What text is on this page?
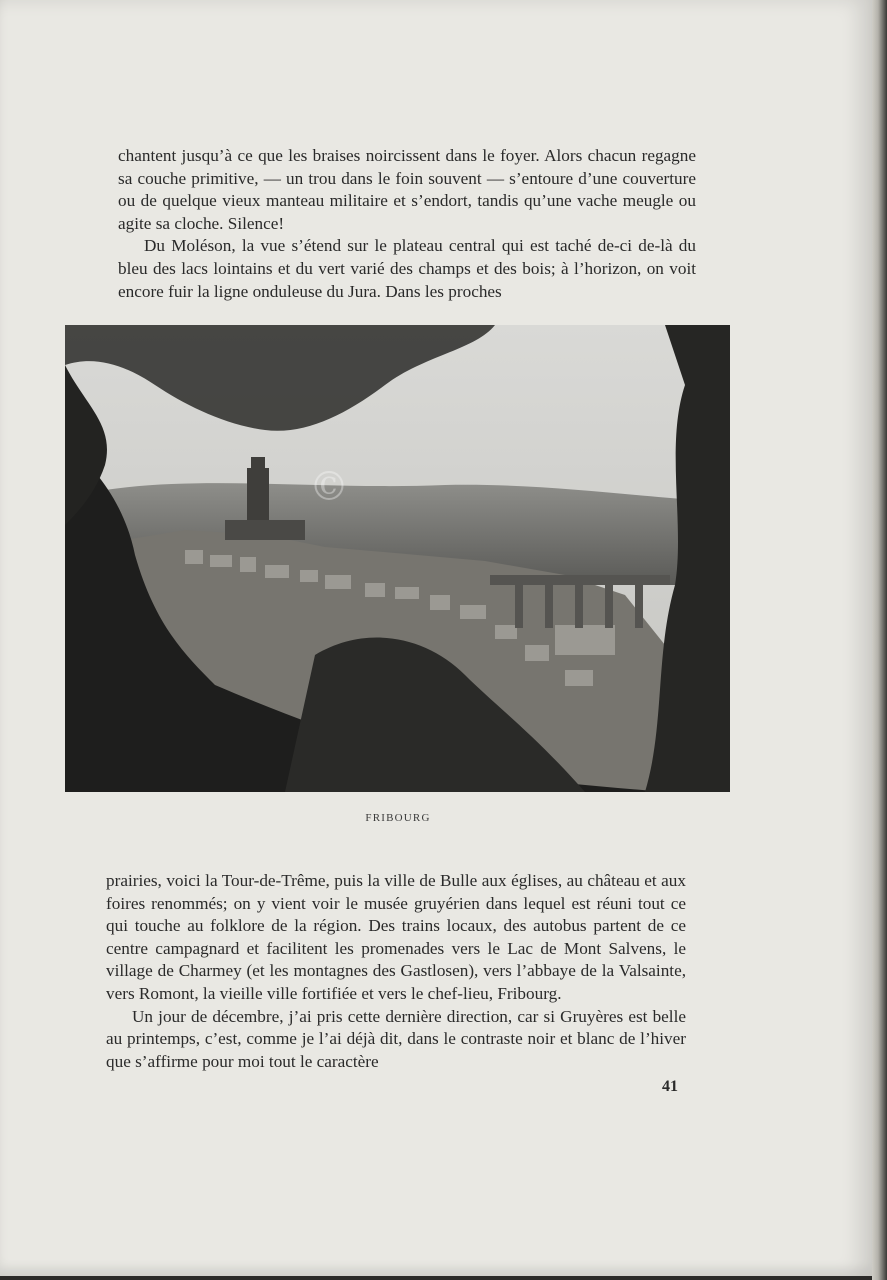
chantent jusqu’à ce que les braises noircissent dans le foyer. Alors chacun regagne sa couche primitive, — un trou dans le foin souvent — s’entoure d’une couverture ou de quelque vieux manteau militaire et s’endort, tandis qu’une vache meugle ou agite sa cloche. Silence!

Du Moléson, la vue s’étend sur le plateau central qui est taché de-ci de-là du bleu des lacs lointains et du vert varié des champs et des bois; à l’horizon, on voit encore fuir la ligne onduleuse du Jura. Dans les proches

©
FRIBOURG

prairies, voici la Tour-de-Trême, puis la ville de Bulle aux églises, au château et aux foires renommés; on y vient voir le musée gruyérien dans lequel est réuni tout ce qui touche au folklore de la région. Des trains locaux, des autobus partent de ce centre campagnard et facilitent les promenades vers le Lac de Mont Salvens, le village de Charmey (et les montagnes des Gastlosen), vers l’abbaye de la Valsainte, vers Romont, la vieille ville fortifiée et vers le chef-lieu, Fribourg.

Un jour de décembre, j’ai pris cette dernière direction, car si Gruyères est belle au printemps, c’est, comme je l’ai déjà dit, dans le contraste noir et blanc de l’hiver que s’affirme pour moi tout le caractère

41
